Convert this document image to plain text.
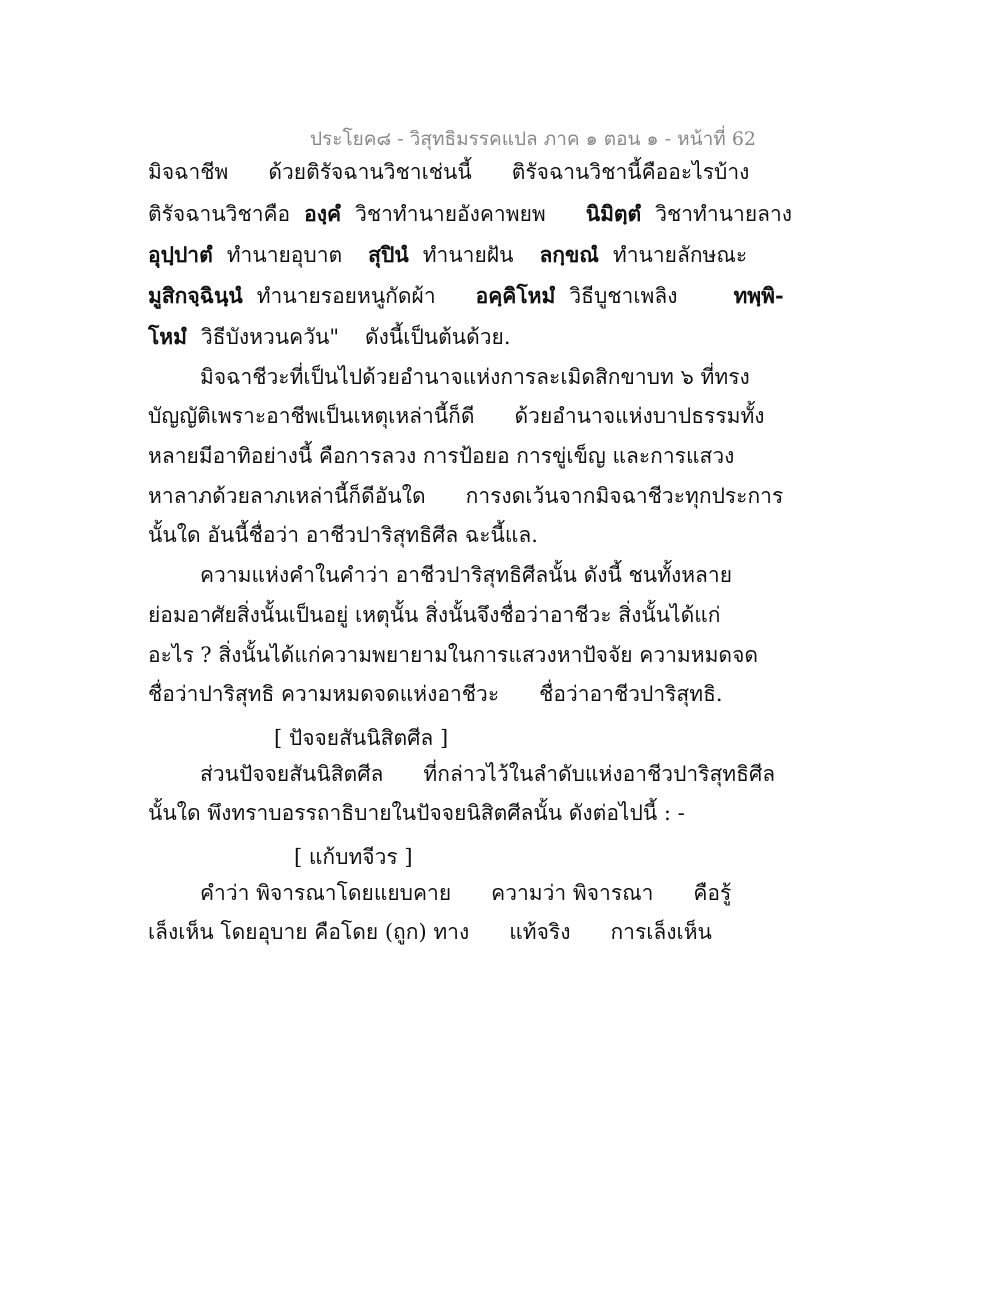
ประโยค๘ - วิสุทธิมรรคแปล ภาค ๑ ตอน ๑ - หน้าที่ 62
มิจฉาชีพ ด้วยติรัจฉานวิชาเช่นนี้ ติรัจฉานวิชานี้คืออะไรบ้าง
ติรัจฉานวิชาคือ องฺคํ วิชาทำนายอังคาพยพ นิมิตฺตํ วิชาทำนายลาง
อุปฺปาตํ ทำนายอุบาต สุปินํ ทำนายฝัน ลกฺขณํ ทำนายลักษณะ
มูสิกจฺฉินฺนํ ทำนายรอยหนูกัดผ้า อคฺคิโหมํ วิธีบูชาเพลิง	ทพฺพิ-
โหมํ วิธีบังหวนควัน" ดังนี้เป็นต้นด้วย.
มิจฉาชีวะที่เป็นไปด้วยอำนาจแห่งการละเมิดสิกขาบท ๖ ที่ทรง
บัญญัติเพราะอาชีพเป็นเหตุเหล่านี้ก็ดี ด้วยอำนาจแห่งบาปธรรมทั้ง
หลายมีอาทิอย่างนี้ คือการลวง การป้อยอ การขู่เข็ญ และการแสวง
หาลาภด้วยลาภเหล่านี้ก็ดีอันใด การงดเว้นจากมิจฉาชีวะทุกประการ
นั้นใด อันนี้ชื่อว่า อาชีวปาริสุทธิศีล ฉะนี้แล.
ความแห่งคำในคำว่า อาชีวปาริสุทธิศีลนั้น ดังนี้ ชนทั้งหลาย
ย่อมอาศัยสิ่งนั้นเป็นอยู่ เหตุนั้น สิ่งนั้นจึงชื่อว่าอาชีวะ สิ่งนั้นได้แก่
อะไร ? สิ่งนั้นได้แก่ความพยายามในการแสวงหาปัจจัย ความหมดจด
ชื่อว่าปาริสุทธิ ความหมดจดแห่งอาชีวะ ชื่อว่าอาชีวปาริสุทธิ.
[ ปัจจยสันนิสิตศีล ]
ส่วนปัจจยสันนิสิตศีล ที่กล่าวไว้ในลำดับแห่งอาชีวปาริสุทธิศีล
นั้นใด พึงทราบอรรถาธิบายในปัจจยนิสิตศีลนั้น ดังต่อไปนี้ : -
[ แก้บทจีวร ]
คำว่า พิจารณาโดยแยบคาย ความว่า พิจารณา คือรู้
เล็งเห็น โดยอุบาย คือโดย (ถูก) ทาง แท้จริง การเล็งเห็น
